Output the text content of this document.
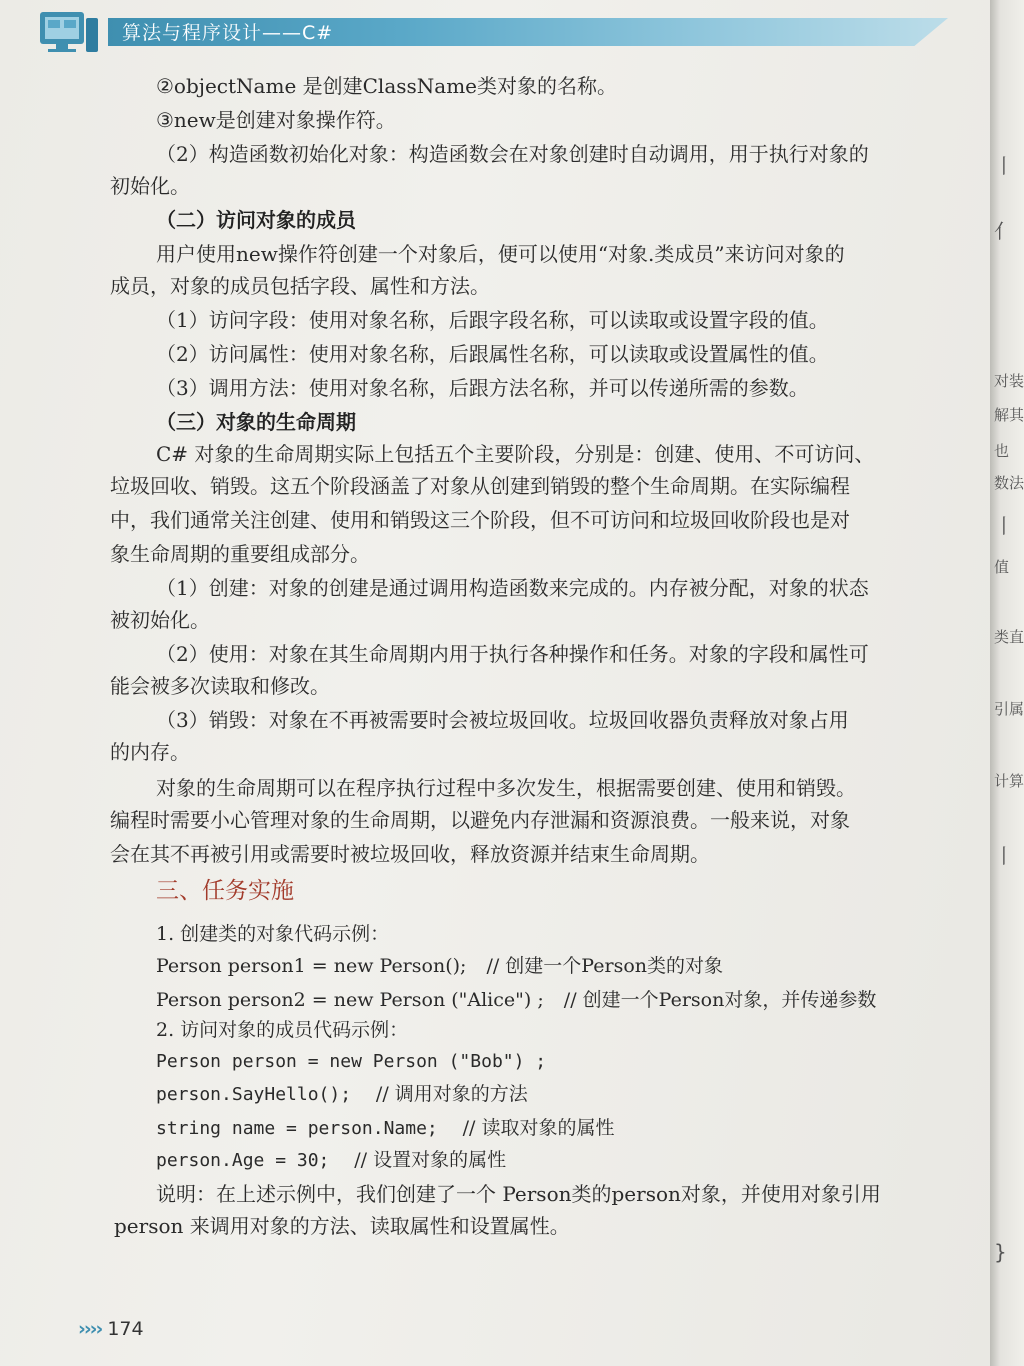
算法与程序设计——C#
②objectName 是创建ClassName类对象的名称。
③new是创建对象操作符。
（2）构造函数初始化对象：构造函数会在对象创建时自动调用，用于执行对象的
初始化。
（二）访问对象的成员
用户使用new操作符创建一个对象后，便可以使用“对象.类成员”来访问对象的
成员，对象的成员包括字段、属性和方法。
（1）访问字段：使用对象名称，后跟字段名称，可以读取或设置字段的值。
（2）访问属性：使用对象名称，后跟属性名称，可以读取或设置属性的值。
（3）调用方法：使用对象名称，后跟方法名称，并可以传递所需的参数。
（三）对象的生命周期
C# 对象的生命周期实际上包括五个主要阶段，分别是：创建、使用、不可访问、
垃圾回收、销毁。这五个阶段涵盖了对象从创建到销毁的整个生命周期。在实际编程
中，我们通常关注创建、使用和销毁这三个阶段，但不可访问和垃圾回收阶段也是对
象生命周期的重要组成部分。
（1）创建：对象的创建是通过调用构造函数来完成的。内存被分配，对象的状态
被初始化。
（2）使用：对象在其生命周期内用于执行各种操作和任务。对象的字段和属性可
能会被多次读取和修改。
（3）销毁：对象在不再被需要时会被垃圾回收。垃圾回收器负责释放对象占用
的内存。
对象的生命周期可以在程序执行过程中多次发生，根据需要创建、使用和销毁。
编程时需要小心管理对象的生命周期，以避免内存泄漏和资源浪费。一般来说，对象
会在其不再被引用或需要时被垃圾回收，释放资源并结束生命周期。
三、任务实施
1. 创建类的对象代码示例：
Person person1 = new Person(); // 创建一个Person类的对象
Person person2 = new Person ("Alice") ; // 创建一个Person对象，并传递参数
2. 访问对象的成员代码示例：
Person person = new Person ("Bob") ;
person.SayHello(); // 调用对象的方法
string name = person.Name; // 读取对象的属性
person.Age = 30; // 设置对象的属性
说明：在上述示例中，我们创建了一个 Person类的person对象，并使用对象引用
person 来调用对象的方法、读取属性和设置属性。
›››› 174
丨
亻
对装
解其
也
数法
丨
值
类直
引属
计算
丨
}
